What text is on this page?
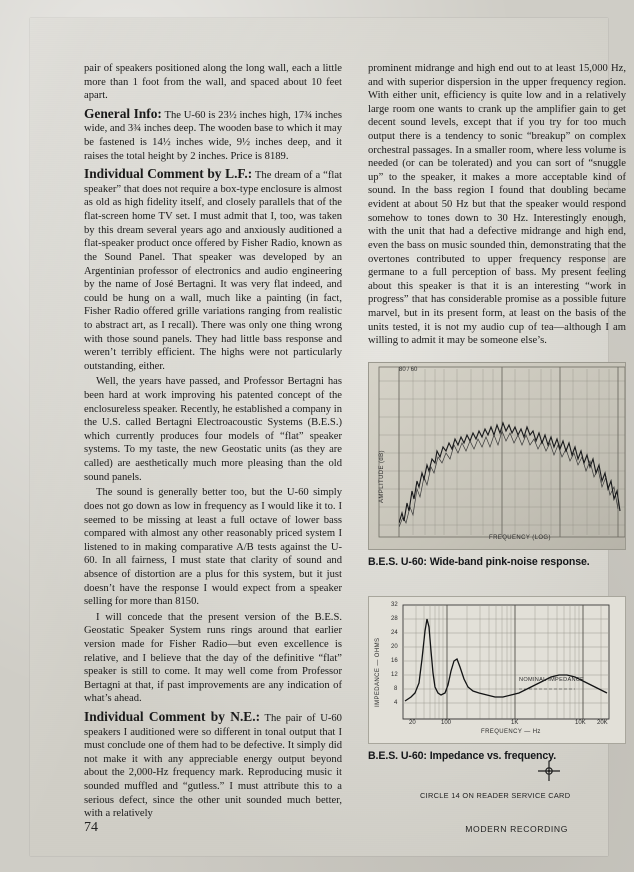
pair of speakers positioned along the long wall, each a little more than 1 foot from the wall, and spaced about 10 feet apart.

General Info: The U-60 is 23½ inches high, 17¾ inches wide, and 3¾ inches deep. The wooden base to which it may be fastened is 14½ inches wide, 9½ inches deep, and it raises the total height by 2 inches. Price is 8189.

Individual Comment by L.F.: The dream of a “flat speaker” that does not require a box-type enclosure is almost as old as high fidelity itself, and closely parallels that of the flat-screen home TV set. I must admit that I, too, was taken by this dream several years ago and anxiously auditioned a flat-speaker product once offered by Fisher Radio, known as the Sound Panel. That speaker was developed by an Argentinian professor of electronics and audio engineering by the name of José Bertagni. It was very flat indeed, and could be hung on a wall, much like a painting (in fact, Fisher Radio offered grille variations ranging from realistic to abstract art, as I recall). There was only one thing wrong with those sound panels. They had little bass response and weren’t terribly efficient. The highs were not particularly outstanding, either.

Well, the years have passed, and Professor Bertagni has been hard at work improving his patented concept of the enclosureless speaker. Recently, he established a company in the U.S. called Bertagni Electroacoustic Systems (B.E.S.) which currently produces four models of “flat” speaker systems. To my taste, the new Geostatic units (as they are called) are aesthetically much more pleasing than the old sound panels.

The sound is generally better too, but the U-60 simply does not go down as low in frequency as I would like it to. I seemed to be missing at least a full octave of lower bass compared with almost any other reasonably priced system I listened to in making comparative A/B tests against the U-60. In all fairness, I must state that clarity of sound and absence of distortion are a plus for this system, but it just doesn’t have the response I would expect from a speaker selling for more than 8150.

I will concede that the present version of the B.E.S. Geostatic Speaker System runs rings around that earlier version made for Fisher Radio—but even excellence is relative, and I believe that the day of the definitive “flat” speaker is still to come. It may well come from Professor Bertagni at that, if past improvements are any indication of what’s ahead.

Individual Comment by N.E.: The pair of U-60 speakers I auditioned were so different in tonal output that I must conclude one of them had to be defective. It simply did not make it with any appreciable energy output beyond about the 2,000-Hz frequency mark. Reproducing music it sounded muffled and “gutless.” I must attribute this to a serious defect, since the other unit sounded much better, with a relatively

prominent midrange and high end out to at least 15,000 Hz, and with superior dispersion in the upper frequency region. With either unit, efficiency is quite low and in a relatively large room one wants to crank up the amplifier gain to get decent sound levels, except that if you try for too much output there is a tendency to sonic “breakup” on complex orchestral passages. In a smaller room, where less volume is needed (or can be tolerated) and you can sort of “snuggle up” to the speaker, it makes a more acceptable kind of sound. In the bass region I found that doubling became evident at about 50 Hz but that the speaker would respond somehow to tones down to 30 Hz. Interestingly enough, with the unit that had a defective midrange and high end, even the bass on music sounded thin, demonstrating that the overtones contributed to upper frequency response are germane to a full perception of bass. My present feeling about this speaker is that it is an interesting “work in progress” that has considerable promise as a possible future marvel, but in its present form, at least on the basis of the units tested, it is not my audio cup of tea—although I am willing to admit it may be someone else’s.

AMPLITUDE (dB)
FREQUENCY (LOG)
80 / 60
B.E.S. U-60: Wide-band pink-noise response.
IMPEDANCE — OHMS
FREQUENCY — Hz
NOMINAL IMPEDANCE
32
28
24
20
16
12
8
4
20	100	1K	10K 20K
B.E.S. U-60: Impedance vs. frequency.
CIRCLE 14 ON READER SERVICE CARD
74	MODERN RECORDING
